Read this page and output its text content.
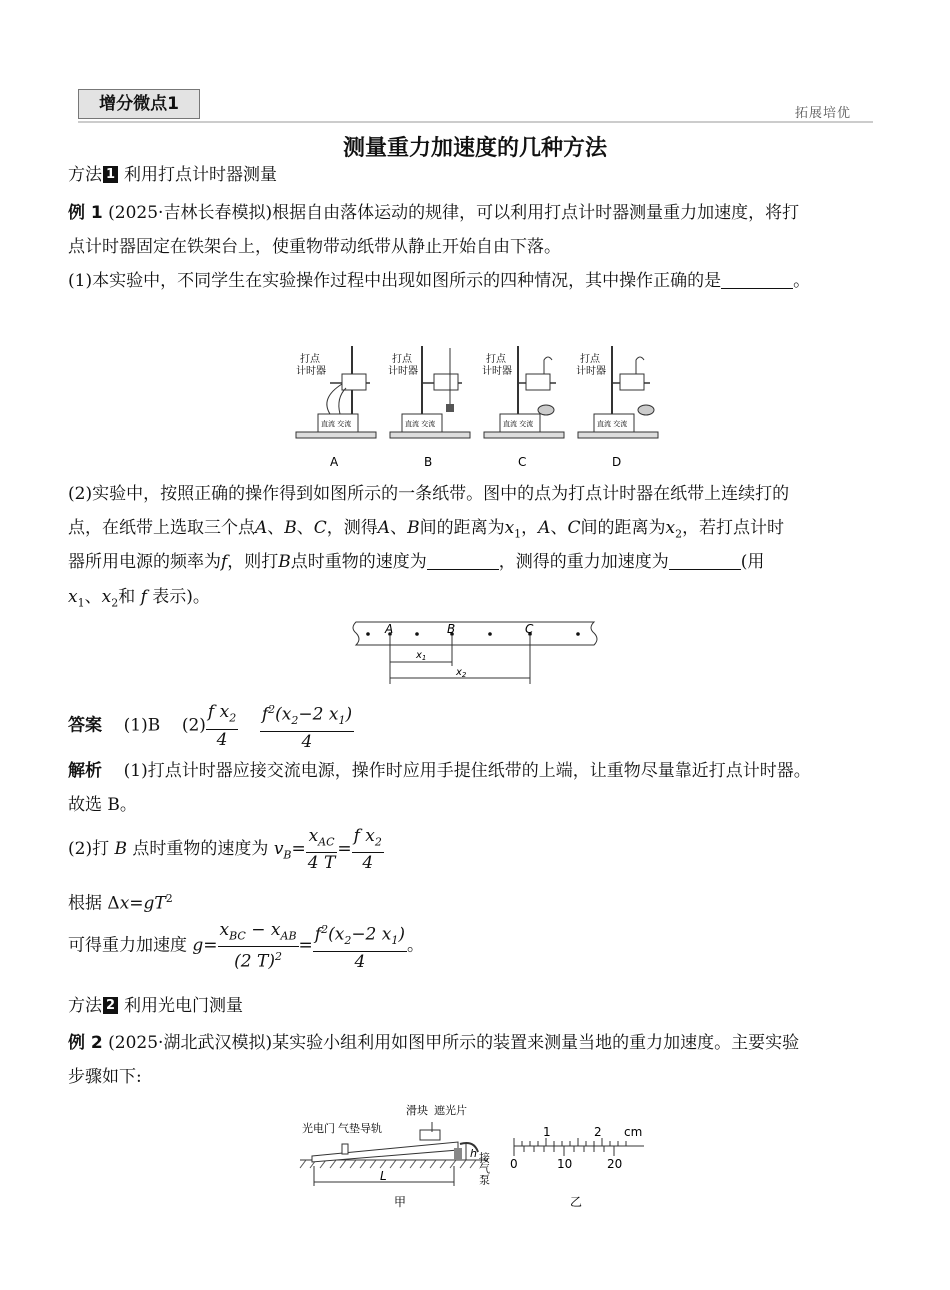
增分微点1	拓展培优
测量重力加速度的几种方法
方法 1 利用打点计时器测量
例 1 (2025·吉林长春模拟)根据自由落体运动的规律，可以利用打点计时器测量重力加速度，将打
点计时器固定在铁架台上，使重物带动纸带从静止开始自由下落。
(1)本实验中，不同学生在实验操作过程中出现如图所示的四种情况，其中操作正确的是	。
直流 交流
打点
计时器
A
直流 交流
打点
计时器
B
直流 交流
打点
计时器
C
直流 交流
打点
计时器
D
(2)实验中，按照正确的操作得到如图所示的一条纸带。图中的点为打点计时器在纸带上连续打的
点，在纸带上选取三个点A、B、C，测得A、B间的距离为$x_1$，A、C间的距离为$x_2$，若打点计时
器所用电源的频率为f，则打B点时重物的速度为	，测得的重力加速度为	(用
$x_1$、$x_2$和 f 表示)。
A	B	C
$x_1$
$x_2$
答案 (1)B $(2) \frac{f x_2}{4}$
$\frac{f^2(x_2-2 x_1)}{4}$
解析 (1)打点计时器应接交流电源，操作时应用手提住纸带的上端，让重物尽量靠近打点计时器。
故选 B。
(2)打 B 点时重物的速度为 $v_B= \frac{x_{AC}}{4 T} = \frac{f x_2}{4}$
根据 $\Delta x=gT^2$
可得重力加速度 $g= \frac{x_{BC} - x_{AB}}{(2 T)^2} = \frac{f^2(x_2-2 x_1)}{4}$ 。
方法 2 利用光电门测量
例 2 (2025·湖北武汉模拟)某实验小组利用如图甲所示的装置来测量当地的重力加速度。主要实验
步骤如下:
h
光电门 气垫导轨
滑块 遮光片
接气泵
L
甲
1	2 cm
0	10	20
乙
